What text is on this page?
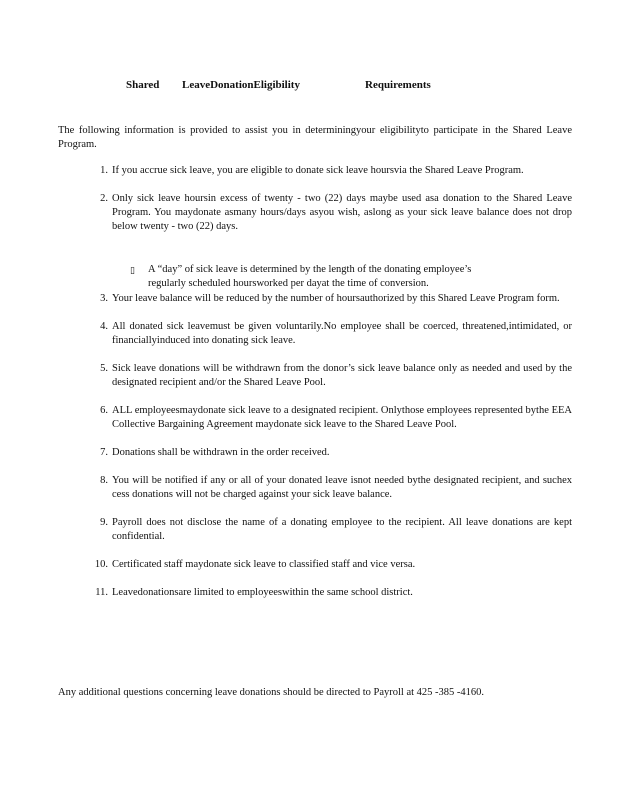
Shared LeaveDonationEligibility	Requirements

The following information is provided to assist you in determiningyour eligibilityto participate in the Shared Leave Program.

1. If you accrue sick leave, you are eligible to donate sick leave hoursvia the Shared Leave Program.
2. Only sick leave hoursin excess of twenty - two (22) days maybe used asa donation to the Shared Leave Program. You maydonate asmany hours/days asyou wish, aslong as your sick leave balance does not drop below twenty - two (22) days.
3. Your leave balance will be reduced by the number of hoursauthorized by this Shared Leave Program form.
4. All donated sick leavemust be given voluntarily.No employee shall be coerced, threatened,intimidated, or financiallyinduced into donating sick leave.
5. Sick leave donations will be withdrawn from the donor’s sick leave balance only as needed and used by the designated recipient and/or the Shared Leave Pool.
6. ALL employeesmaydonate sick leave to a designated recipient. Onlythose employees represented bythe EEA Collective Bargaining Agreement maydonate sick leave to the Shared Leave Pool.
7. Donations shall be withdrawn in the order received.
8. You will be notified if any or all of your donated leave isnot needed bythe designated recipient, and suchex cess donations will not be charged against your sick leave balance.
9. Payroll does not disclose the name of a donating employee to the recipient. All leave donations are kept confidential.
10. Certificated staff maydonate sick leave to classified staff and vice versa.
11. Leavedonationsare limited to employeeswithin the same school district.
▯ A “day” of sick leave is determined by the length of the donating employee’s regularly scheduled hoursworked per dayat the time of conversion.

Any additional questions concerning leave donations should be directed to Payroll at 425 -385 -4160.
